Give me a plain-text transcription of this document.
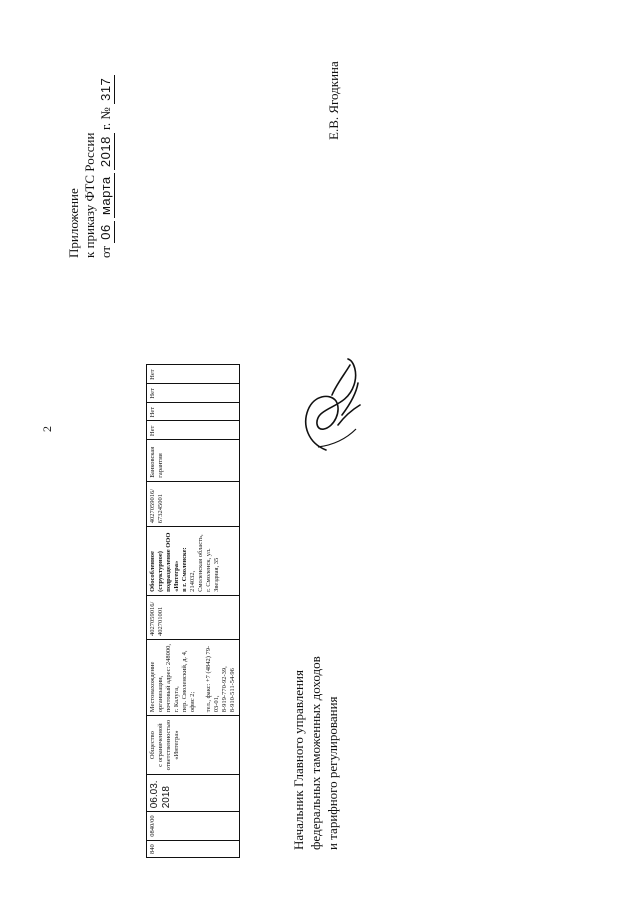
2
Приложение к приказу ФТС России от 06 марта 2018 г. № 317
840	0840/00	06.03.
2018	Общество
с ограниченной
ответственностью
«Интегра»	Местонахождение организации,
почтовый адрес: 248000, г. Калуга,
пер. Смоленский, д. 4, офис 2;

тел., факс: +7 (4842) 79-03-01,
8-919-770-92-39,
8-910-511-54-96	4027059016/
402701001	
Обособленное (структурное)
подразделение ООО «Интегра»
в г. Смоленске:
214032,
Смоленская область,
г. Смоленск, ул. Звездная, 35
	4027059016/
673245001	Банковская
гарантия	Нет	Нет	Нет	Нет
Е.В. Ягодкина
Начальник Главного управления федеральных таможенных доходов и тарифного регулирования
